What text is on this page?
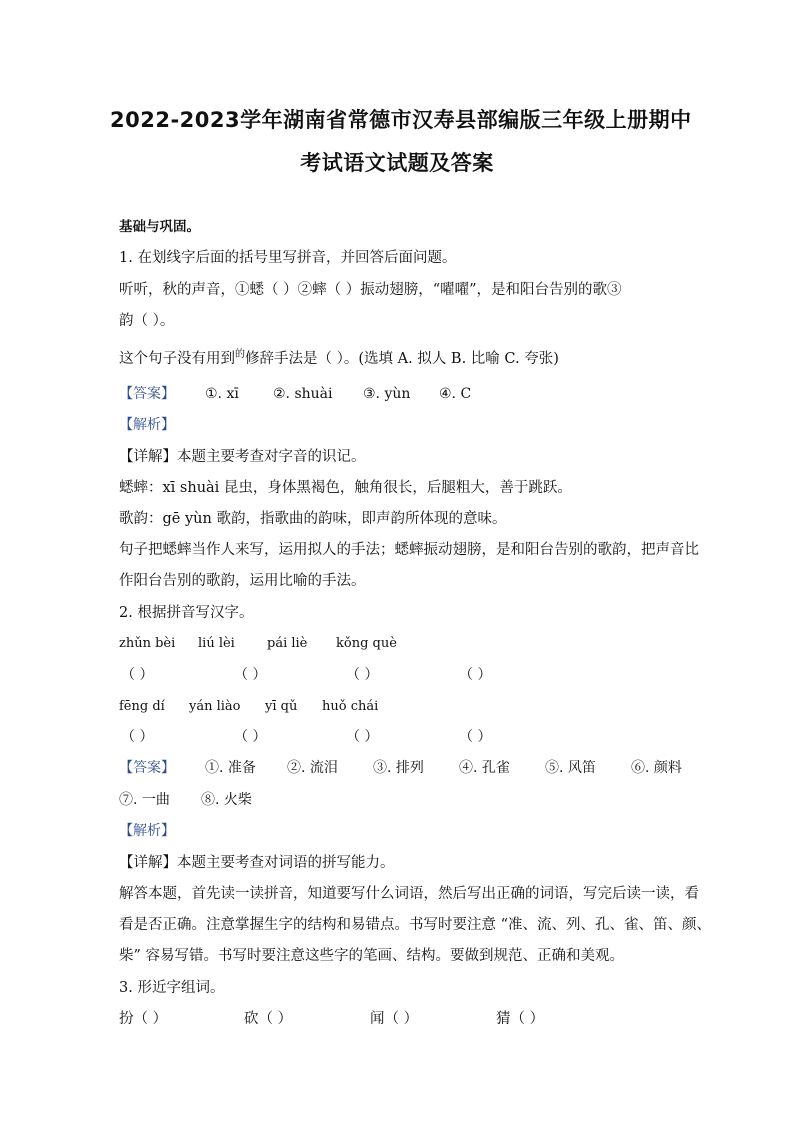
2022-2023学年湖南省常德市汉寿县部编版三年级上册期中
考试语文试题及答案
基础与巩固。
1. 在划线字后面的括号里写拼音，并回答后面问题。
听听，秋的声音，①蟋（ ）②蟀（ ）振动翅膀，“嚁嚁”，是和阳台告别的歌③
韵（ ）。
这个句子没有用到$^的$修辞手法是（ ）。(选填 A. 拟人 B. 比喻 C. 夸张)
【答案】 ①. xī ②. shuài ③. yùn ④. C
【解析】
【详解】本题主要考查对字音的识记。
蟋蟀：xī shuài 昆虫，身体黑褐色，触角很长，后腿粗大，善于跳跃。
歌韵：gē yùn 歌韵，指歌曲的韵味，即声韵所体现的意味。
句子把蟋蟀当作人来写，运用拟人的手法；蟋蟀振动翅膀，是和阳台告别的歌韵，把声音比
作阳台告别的歌韵，运用比喻的手法。
2. 根据拼音写汉字。
zhǔn bèi liú lèi pái liè kǒng què
（ ）	（ ）	（ ）	（ ）
fēng dí yán liào yī qǔ huǒ chái
（ ）	（ ）	（ ）	（ ）
【答案】 ①. 准备 ②. 流泪	③. 排列	④. 孔雀	⑤. 风笛	⑥. 颜料
⑦. 一曲 ⑧. 火柴
【解析】
【详解】本题主要考查对词语的拼写能力。
解答本题，首先读一读拼音，知道要写什么词语，然后写出正确的词语，写完后读一读，看
看是否正确。注意掌握生字的结构和易错点。书写时要注意 “准、流、列、孔、雀、笛、颜、
柴” 容易写错。书写时要注意这些字的笔画、结构。要做到规范、正确和美观。
3. 形近字组词。
扮（ ）	砍（ ）	闻（ ）	猜（ ）
